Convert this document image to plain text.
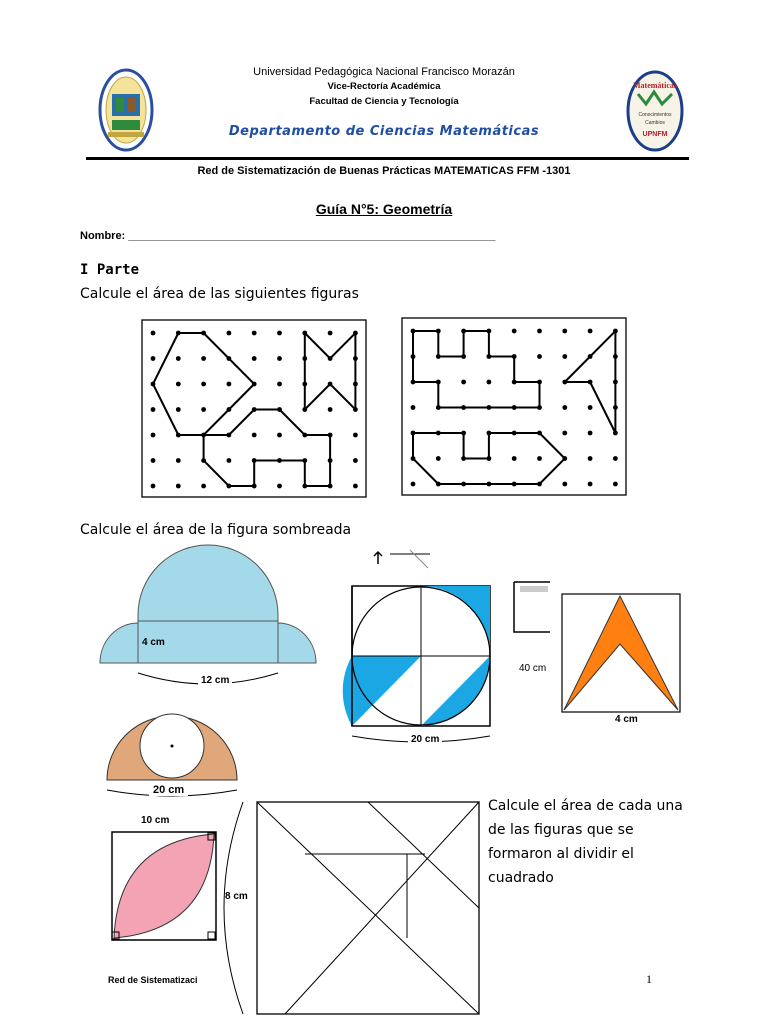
Matemáticas
Conocimientos
Cambios
UPNFM
Universidad Pedagógica Nacional Francisco Morazán
Vice-Rectoría Académica
Facultad de Ciencia y Tecnología
Departamento de Ciencias Matemáticas
Red de Sistematización de Buenas Prácticas MATEMATICAS FFM -1301
Guía N°5: Geometría
Nombre: ____________________________________________________________
I Parte
Calcule el área de las siguientes figuras
Calcule el área de la figura sombreada
4 cm
12 cm
20 cm
40 cm
4 cm
20 cm
10 cm
8 cm
Calcule el área de cada una
de las figuras que se
formaron al dividir el
cuadrado
Red de Sistematizaci	1
